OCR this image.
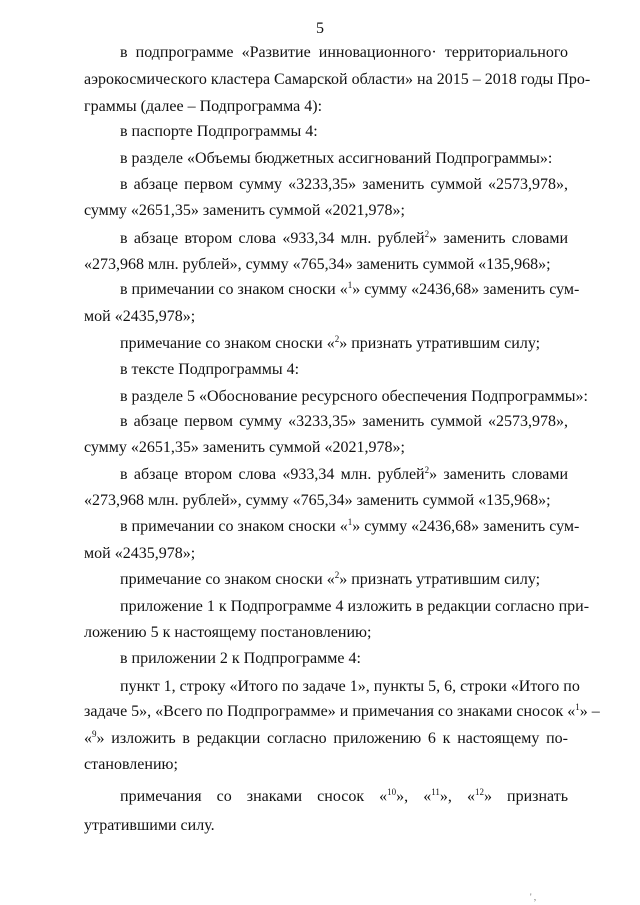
5
в подпрограмме «Развитие инновационного· территориального
аэрокосмического кластера Самарской области» на 2015 – 2018 годы Про-
граммы (далее – Подпрограмма 4):
в паспорте Подпрограммы 4:
в разделе «Объемы бюджетных ассигнований Подпрограммы»:
в абзаце первом сумму «3233,35» заменить суммой «2573,978»,
сумму «2651,35» заменить суммой «2021,978»;
в абзаце втором слова «933,34 млн. рублей$^2$» заменить словами
«273,968 млн. рублей», сумму «765,34» заменить суммой «135,968»;
в примечании со знаком сноски «$^1$» сумму «2436,68» заменить сум-
мой «2435,978»;
примечание со знаком сноски «$^2$» признать утратившим силу;
в тексте Подпрограммы 4:
в разделе 5 «Обоснование ресурсного обеспечения Подпрограммы»:
в абзаце первом сумму «3233,35» заменить суммой «2573,978»,
сумму «2651,35» заменить суммой «2021,978»;
в абзаце втором слова «933,34 млн. рублей$^2$» заменить словами
«273,968 млн. рублей», сумму «765,34» заменить суммой «135,968»;
в примечании со знаком сноски «$^1$» сумму «2436,68» заменить сум-
мой «2435,978»;
примечание со знаком сноски «$^2$» признать утратившим силу;
приложение 1 к Подпрограмме 4 изложить в редакции согласно при-
ложению 5 к настоящему постановлению;
в приложении 2 к Подпрограмме 4:
пункт 1, строку «Итого по задаче 1», пункты 5, 6, строки «Итого по
задаче 5», «Всего по Подпрограмме» и примечания со знаками сносок «$^1$» –
«$^9$» изложить в редакции согласно приложению 6 к настоящему по-
становлению;
примечания со знаками сносок «$^{10}$», «$^{11}$», «$^{12}$» признать
утратившими силу.
' ,
